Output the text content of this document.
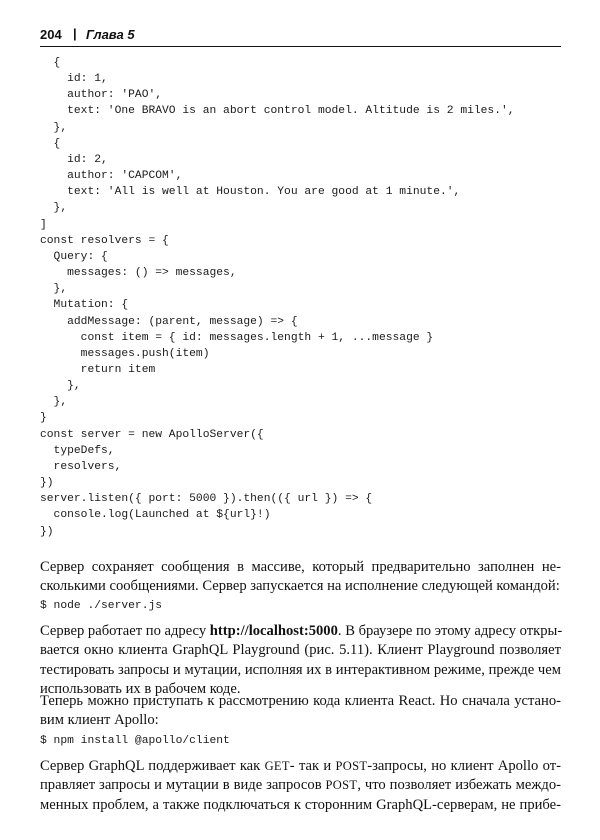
204 | Глава 5
{
id: 1,
author: 'PAO',
text: 'One BRAVO is an abort control model. Altitude is 2 miles.',
},
{
id: 2,
author: 'CAPCOM',
text: 'All is well at Houston. You are good at 1 minute.',
},
]
const resolvers = {
Query: {
messages: () => messages,
},
Mutation: {
addMessage: (parent, message) => {
const item = { id: messages.length + 1, ...message }
messages.push(item)
return item
},
},
}
const server = new ApolloServer({
typeDefs,
resolvers,
})
server.listen({ port: 5000 }).then(({ url }) => {
console.log(Launched at ${url}!)
})

Сервер сохраняет сообщения в массиве, который предварительно заполнен не-
сколькими сообщениями. Сервер запускается на исполнение следующей командой:

$ node ./server.js

Сервер работает по адресу http://localhost:5000. В браузере по этому адресу откры-
вается окно клиента GraphQL Playground (рис. 5.11). Клиент Playground позволяет
тестировать запросы и мутации, исполняя их в интерактивном режиме, прежде чем
использовать их в рабочем коде.

Теперь можно приступать к рассмотрению кода клиента React. Но сначала устано-
вим клиент Apollo:

$ npm install @apollo/client

Сервер GraphQL поддерживает как GET- так и POST-запросы, но клиент Apollo от-
правляет запросы и мутации в виде запросов POST, что позволяет избежать междо-
менных проблем, а также подключаться к сторонним GraphQL-серверам, не прибе-
